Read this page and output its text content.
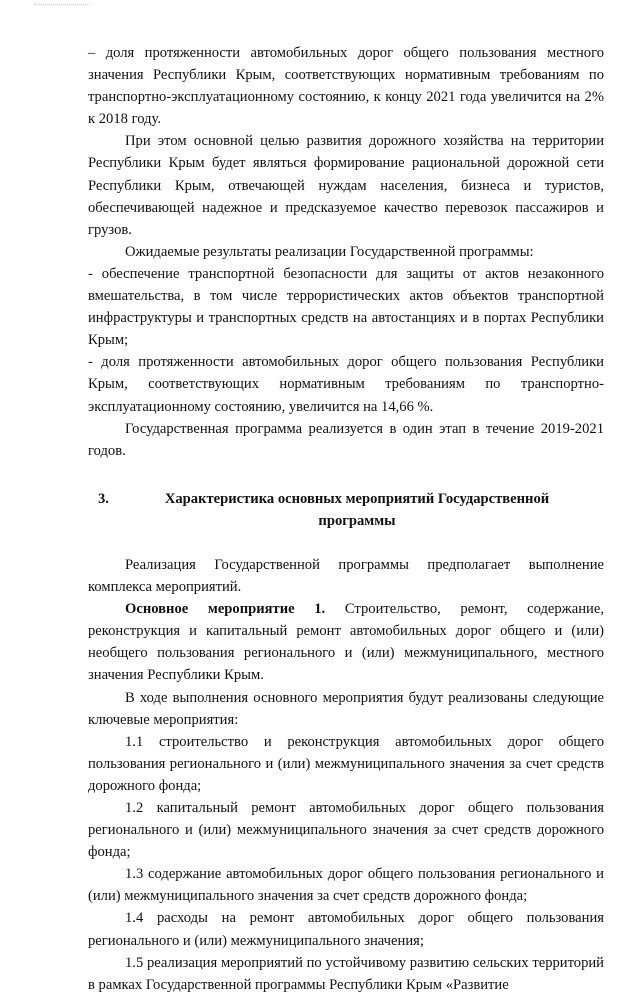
– доля протяженности автомобильных дорог общего пользования местного значения Республики Крым, соответствующих нормативным требованиям по транспортно-эксплуатационному состоянию, к концу 2021 года увеличится на 2% к 2018 году.

При этом основной целью развития дорожного хозяйства на территории Республики Крым будет являться формирование рациональной дорожной сети Республики Крым, отвечающей нуждам населения, бизнеса и туристов, обеспечивающей надежное и предсказуемое качество перевозок пассажиров и грузов.

Ожидаемые результаты реализации Государственной программы:

- обеспечение транспортной безопасности для защиты от актов незаконного вмешательства, в том числе террористических актов объектов транспортной инфраструктуры и транспортных средств на автостанциях и в портах Республики Крым;

- доля протяженности автомобильных дорог общего пользования Республики Крым, соответствующих нормативным требованиям по транспортно-эксплуатационному состоянию, увеличится на 14,66 %.

Государственная программа реализуется в один этап в течение 2019-2021 годов.

3.	Характеристика основных мероприятий Государственной
программы

Реализация Государственной программы предполагает выполнение комплекса мероприятий.

Основное мероприятие 1. Строительство, ремонт, содержание, реконструкция и капитальный ремонт автомобильных дорог общего и (или) необщего пользования регионального и (или) межмуниципального, местного значения Республики Крым.

В ходе выполнения основного мероприятия будут реализованы следующие ключевые мероприятия:

1.1 строительство и реконструкция автомобильных дорог общего пользования регионального и (или) межмуниципального значения за счет средств дорожного фонда;

1.2 капитальный ремонт автомобильных дорог общего пользования регионального и (или) межмуниципального значения за счет средств дорожного фонда;

1.3 содержание автомобильных дорог общего пользования регионального и (или) межмуниципального значения за счет средств дорожного фонда;

1.4 расходы на ремонт автомобильных дорог общего пользования регионального и (или) межмуниципального значения;

1.5 реализация мероприятий по устойчивому развитию сельских территорий в рамках Государственной программы Республики Крым «Развитие
